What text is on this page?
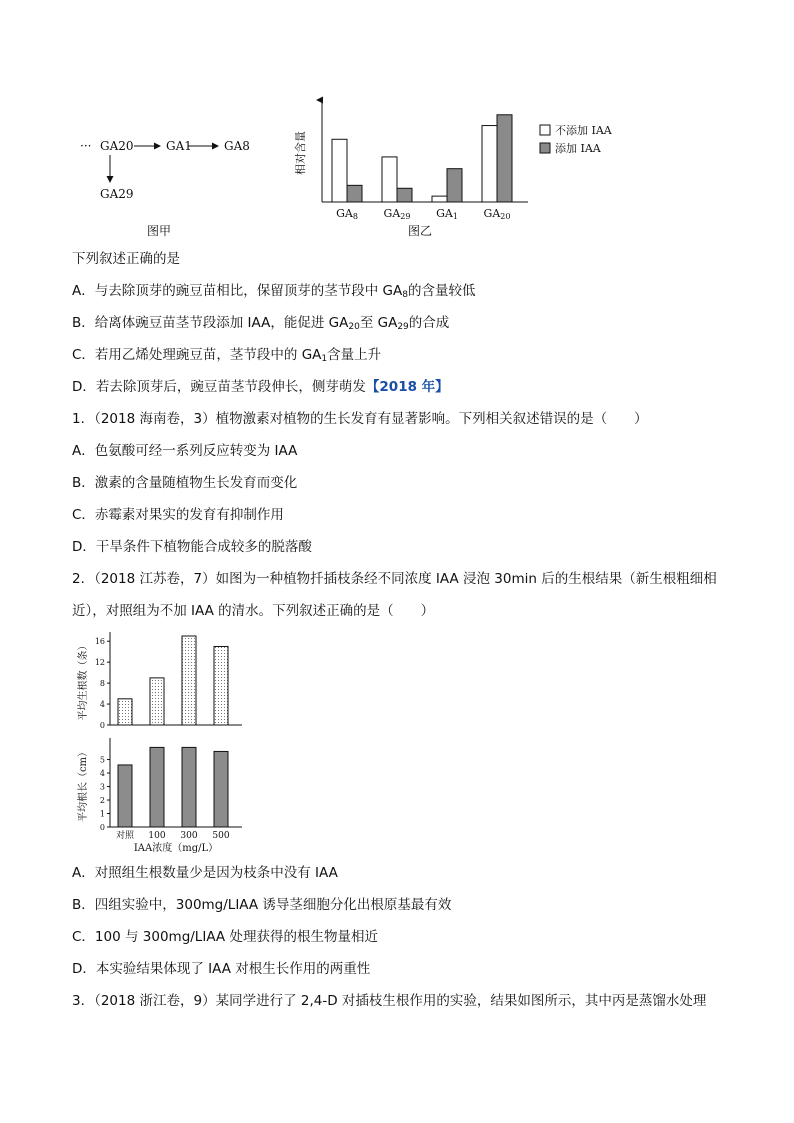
··· GA20	GA1	GA8
GA29
图甲
相对含量
GA8 GA29 GA1 GA20
不添加 IAA
添加 IAA
图乙
下列叙述正确的是
A．与去除顶芽的豌豆苗相比，保留顶芽的茎节段中 $GA_8$的含量较低
B．给离体豌豆苗茎节段添加 IAA，能促进 $GA_{20}$至 $GA_{29}$的合成
C．若用乙烯处理豌豆苗，茎节段中的 $GA_1$含量上升
D．若去除顶芽后，豌豆苗茎节段伸长，侧芽萌发【2018 年】
1．（2018 海南卷，3）植物激素对植物的生长发育有显著影响。下列相关叙述错误的是（　　）
A．色氨酸可经一系列反应转变为 IAA
B．激素的含量随植物生长发育而变化
C．赤霉素对果实的发育有抑制作用
D．干旱条件下植物能合成较多的脱落酸
2．（2018 江苏卷，7）如图为一种植物扦插枝条经不同浓度 IAA 浸泡 30min 后的生根结果（新生根粗细相
近），对照组为不加 IAA 的清水。下列叙述正确的是（　　）
0
4
8
12
16
平均生根数（条）
0
1
2
3
4
5
平均根长（cm）
对照 100 300 500
IAA浓度（mg/L）
A．对照组生根数量少是因为枝条中没有 IAA
B．四组实验中，300mg/LIAA 诱导茎细胞分化出根原基最有效
C．100 与 300mg/LIAA 处理获得的根生物量相近
D．本实验结果体现了 IAA 对根生长作用的两重性
3．（2018 浙江卷，9）某同学进行了 2,4-D 对插枝生根作用的实验，结果如图所示，其中丙是蒸馏水处理
